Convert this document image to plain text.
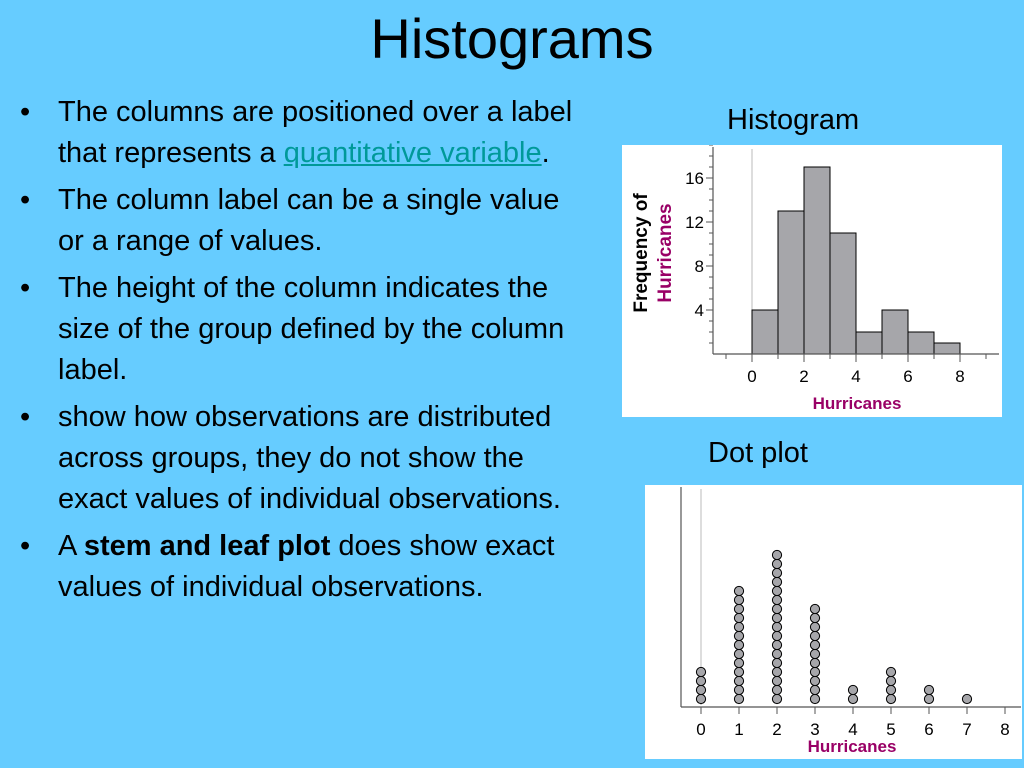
Histograms
• The columns are positioned over a label that represents a quantitative variable.
• The column label can be a single value or a range of values.
• The height of the column indicates the size of the group defined by the column label.
• show how observations are distributed across groups, they do not show the exact values of individual observations.
• A stem and leaf plot does show exact values of individual observations.
Histogram
4
8
12
16
0	2	4	6	8
Hurricanes
Frequency of Hurricanes
Dot plot
0 1 2 3 4 5 6 7 8
Hurricanes
